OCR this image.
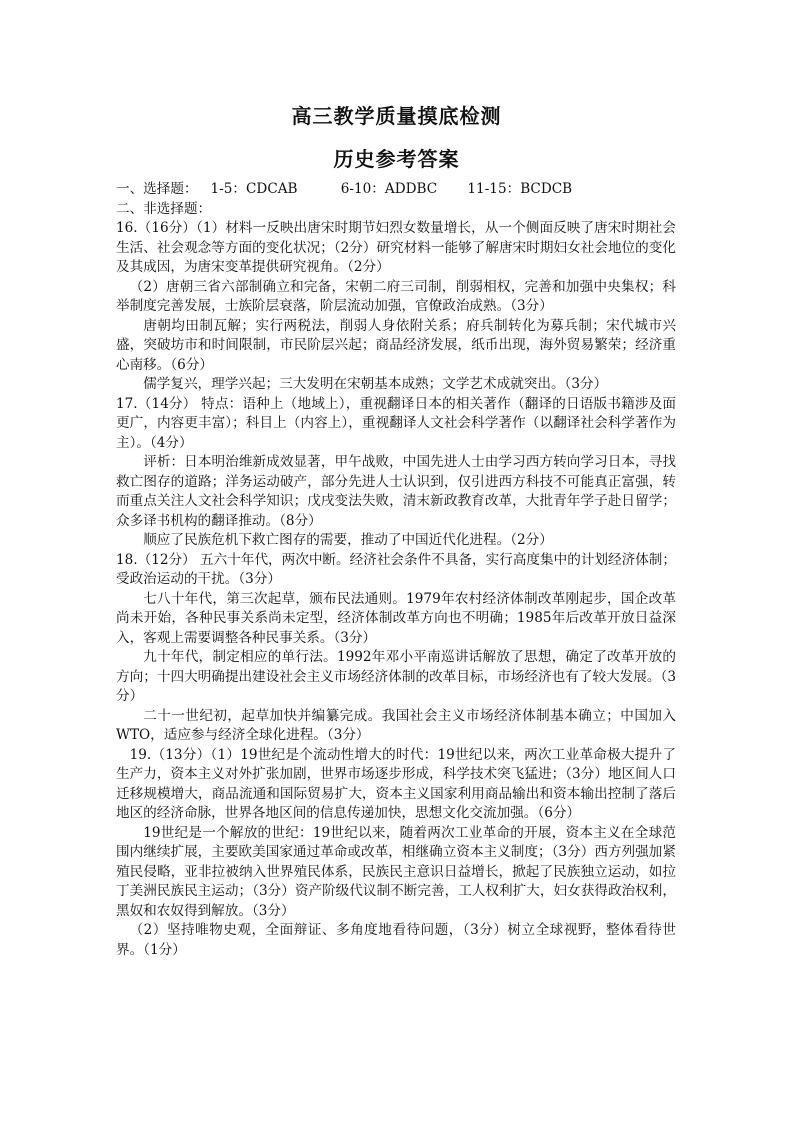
高三教学质量摸底检测
历史参考答案

一、选择题： 1-5：CDCAB	6-10：ADDBC 11-15：BCDCB

二、非选择题：

16.（16分）（1）材料一反映出唐宋时期节妇烈女数量增长，从一个侧面反映了唐宋时期社会生活、社会观念等方面的变化状况；（2分）研究材料一能够了解唐宋时期妇女社会地位的变化及其成因，为唐宋变革提供研究视角。（2分）

（2）唐朝三省六部制确立和完备，宋朝二府三司制，削弱相权，完善和加强中央集权；科举制度完善发展，士族阶层衰落，阶层流动加强，官僚政治成熟。（3分）

唐朝均田制瓦解；实行两税法，削弱人身依附关系；府兵制转化为募兵制；宋代城市兴盛，突破坊市和时间限制，市民阶层兴起；商品经济发展，纸币出现，海外贸易繁荣；经济重心南移。（6分）

儒学复兴，理学兴起；三大发明在宋朝基本成熟；文学艺术成就突出。（3分）

17.（14分） 特点：语种上（地域上），重视翻译日本的相关著作（翻译的日语版书籍涉及面更广，内容更丰富）；科目上（内容上），重视翻译人文社会科学著作（以翻译社会科学著作为主）。（4分）

评析：日本明治维新成效显著，甲午战败，中国先进人士由学习西方转向学习日本，寻找救亡图存的道路；洋务运动破产，部分先进人士认识到，仅引进西方科技不可能真正富强，转而重点关注人文社会科学知识；戊戌变法失败，清末新政教育改革，大批青年学子赴日留学；众多译书机构的翻译推动。（8分）

顺应了民族危机下救亡图存的需要，推动了中国近代化进程。（2分）

18.（12分） 五六十年代，两次中断。经济社会条件不具备，实行高度集中的计划经济体制；受政治运动的干扰。（3分）

七八十年代，第三次起草，颁布民法通则。1979年农村经济体制改革刚起步，国企改革尚未开始，各种民事关系尚未定型，经济体制改革方向也不明确；1985年后改革开放日益深入，客观上需要调整各种民事关系。（3分）

九十年代，制定相应的单行法。1992年邓小平南巡讲话解放了思想，确定了改革开放的方向；十四大明确提出建设社会主义市场经济体制的改革目标，市场经济也有了较大发展。（3分）

二十一世纪初，起草加快并编纂完成。我国社会主义市场经济体制基本确立；中国加入WTO，适应参与经济全球化进程。（3分）

19.（13分）（1）19世纪是个流动性增大的时代：19世纪以来，两次工业革命极大提升了生产力，资本主义对外扩张加剧，世界市场逐步形成，科学技术突飞猛进；（3分）地区间人口迁移规模增大，商品流通和国际贸易扩大，资本主义国家利用商品输出和资本输出控制了落后地区的经济命脉，世界各地区间的信息传递加快，思想文化交流加强。（6分）

19世纪是一个解放的世纪：19世纪以来，随着两次工业革命的开展，资本主义在全球范围内继续扩展，主要欧美国家通过革命或改革，相继确立资本主义制度；（3分）西方列强加紧殖民侵略，亚非拉被纳入世界殖民体系，民族民主意识日益增长，掀起了民族独立运动，如拉丁美洲民族民主运动；（3分）资产阶级代议制不断完善，工人权利扩大，妇女获得政治权利，黑奴和农奴得到解放。（3分）

（2）坚持唯物史观，全面辩证、多角度地看待问题，（3分）树立全球视野，整体看待世界。（1分）
